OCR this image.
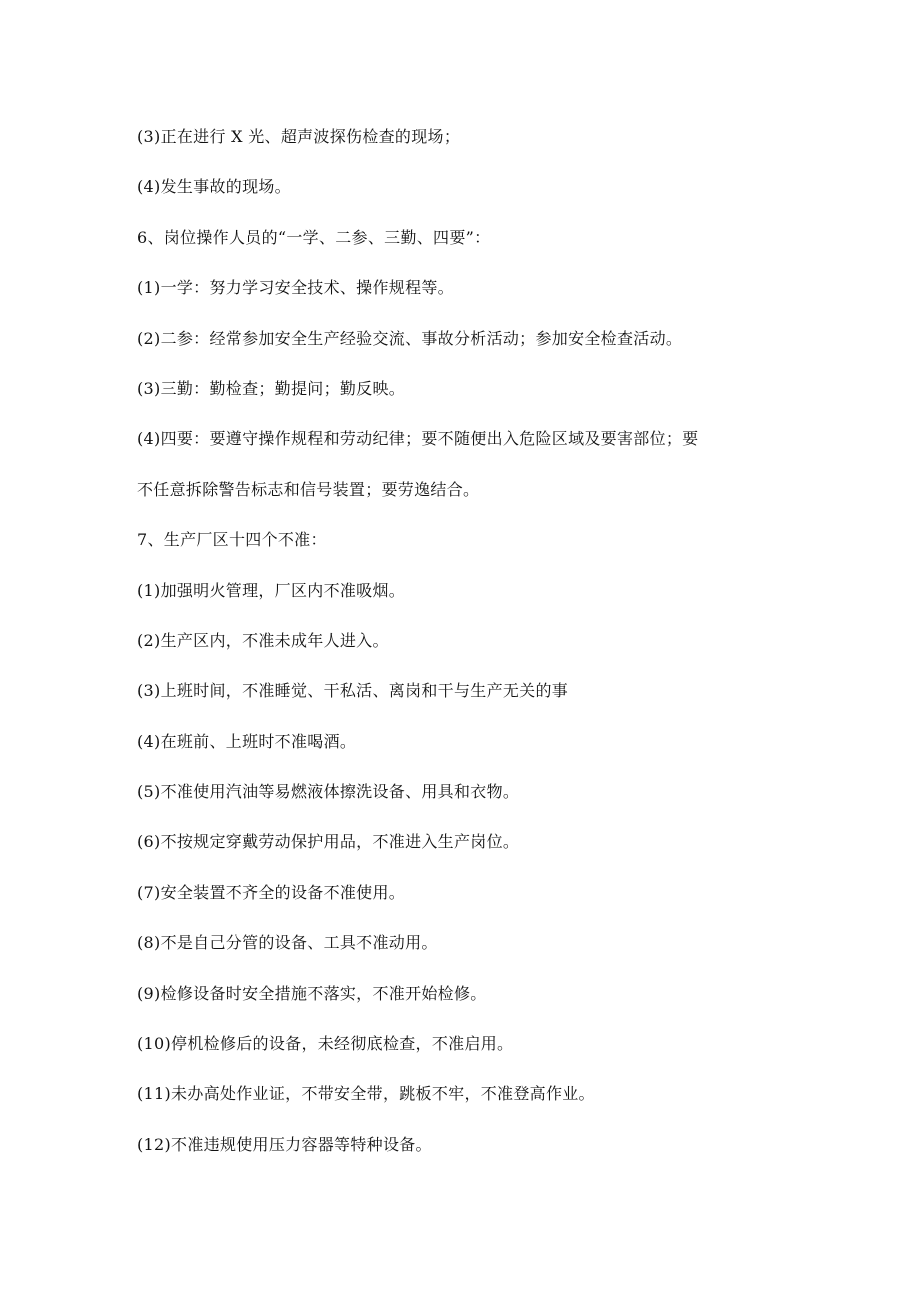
(3)正在进行 X 光、超声波探伤检查的现场；
(4)发生事故的现场。
6、岗位操作人员的“一学、二参、三勤、四要”：
(1)一学：努力学习安全技术、操作规程等。
(2)二参：经常参加安全生产经验交流、事故分析活动；参加安全检查活动。
(3)三勤：勤检查；勤提问；勤反映。
(4)四要：要遵守操作规程和劳动纪律；要不随便出入危险区域及要害部位；要
不任意拆除警告标志和信号装置；要劳逸结合。
7、生产厂区十四个不准：
(1)加强明火管理，厂区内不准吸烟。
(2)生产区内，不准未成年人进入。
(3)上班时间，不准睡觉、干私活、离岗和干与生产无关的事
(4)在班前、上班时不准喝酒。
(5)不准使用汽油等易燃液体擦洗设备、用具和衣物。
(6)不按规定穿戴劳动保护用品，不准进入生产岗位。
(7)安全装置不齐全的设备不准使用。
(8)不是自己分管的设备、工具不准动用。
(9)检修设备时安全措施不落实，不准开始检修。
(10)停机检修后的设备，未经彻底检查，不准启用。
(11)未办高处作业证，不带安全带，跳板不牢，不准登高作业。
(12)不准违规使用压力容器等特种设备。
